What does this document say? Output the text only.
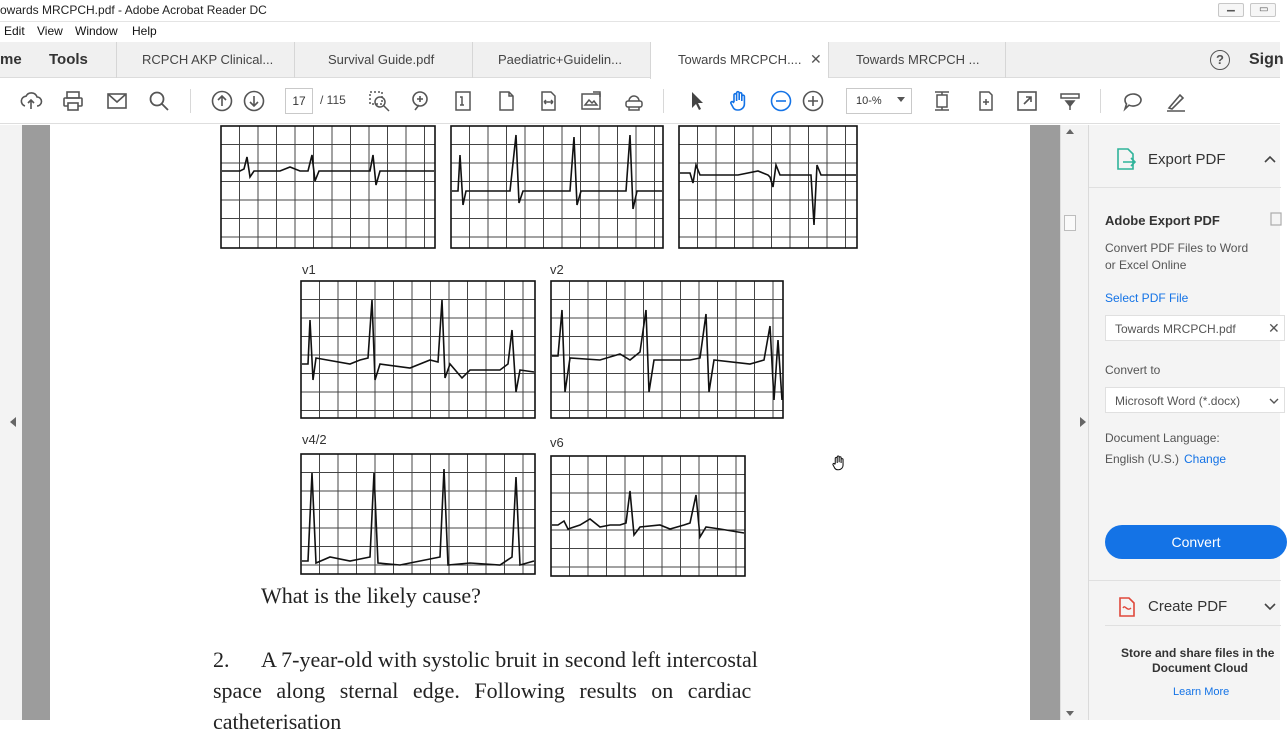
owards MRCPCH.pdf - Adobe Acrobat Reader DC	▁ ▭
Edit View Window Help
me Tools	RCPCH AKP Clinical...	Survival Guide.pdf	Paediatric+Guidelin...	Towards MRCPCH.... ✕	Towards MRCPCH ...	?	Sign
17	/ 115	10-%
v1	v2
v4/2	v6
What is the likely cause?
2. A 7-year-old with systolic bruit in second left intercostal
space along sternal edge. Following results on cardiac
catheterisation
Export PDF
Adobe Export PDF
Convert PDF Files to Word
or Excel Online
Select PDF File
Towards MRCPCH.pdf ✕
Convert to
Microsoft Word (*.docx)
Document Language:
English (U.S.) Change
Convert
Create PDF
Store and share files in the
Document Cloud
Learn More
